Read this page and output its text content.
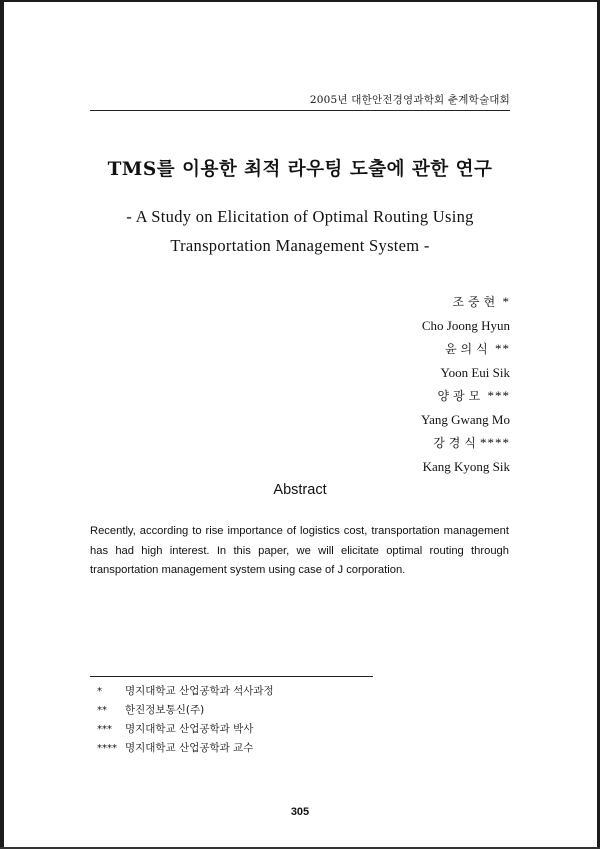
2005년 대한안전경영과학회 춘계학술대회
TMS를 이용한 최적 라우팅 도출에 관한 연구
- A Study on Elicitation of Optimal Routing Using
Transportation Management System -
조중현 *
Cho Joong Hyun
윤의식 **
Yoon Eui Sik
양광모 ***
Yang Gwang Mo
강경식****
Kang Kyong Sik
Abstract
Recently, according to rise importance of logistics cost, transportation management has had high interest. In this paper, we will elicitate optimal routing through transportation management system using case of J corporation.
*	명지대학교 산업공학과 석사과정
**	한진정보통신(주)
***	명지대학교 산업공학과 박사
**** 명지대학교 산업공학과 교수
305
